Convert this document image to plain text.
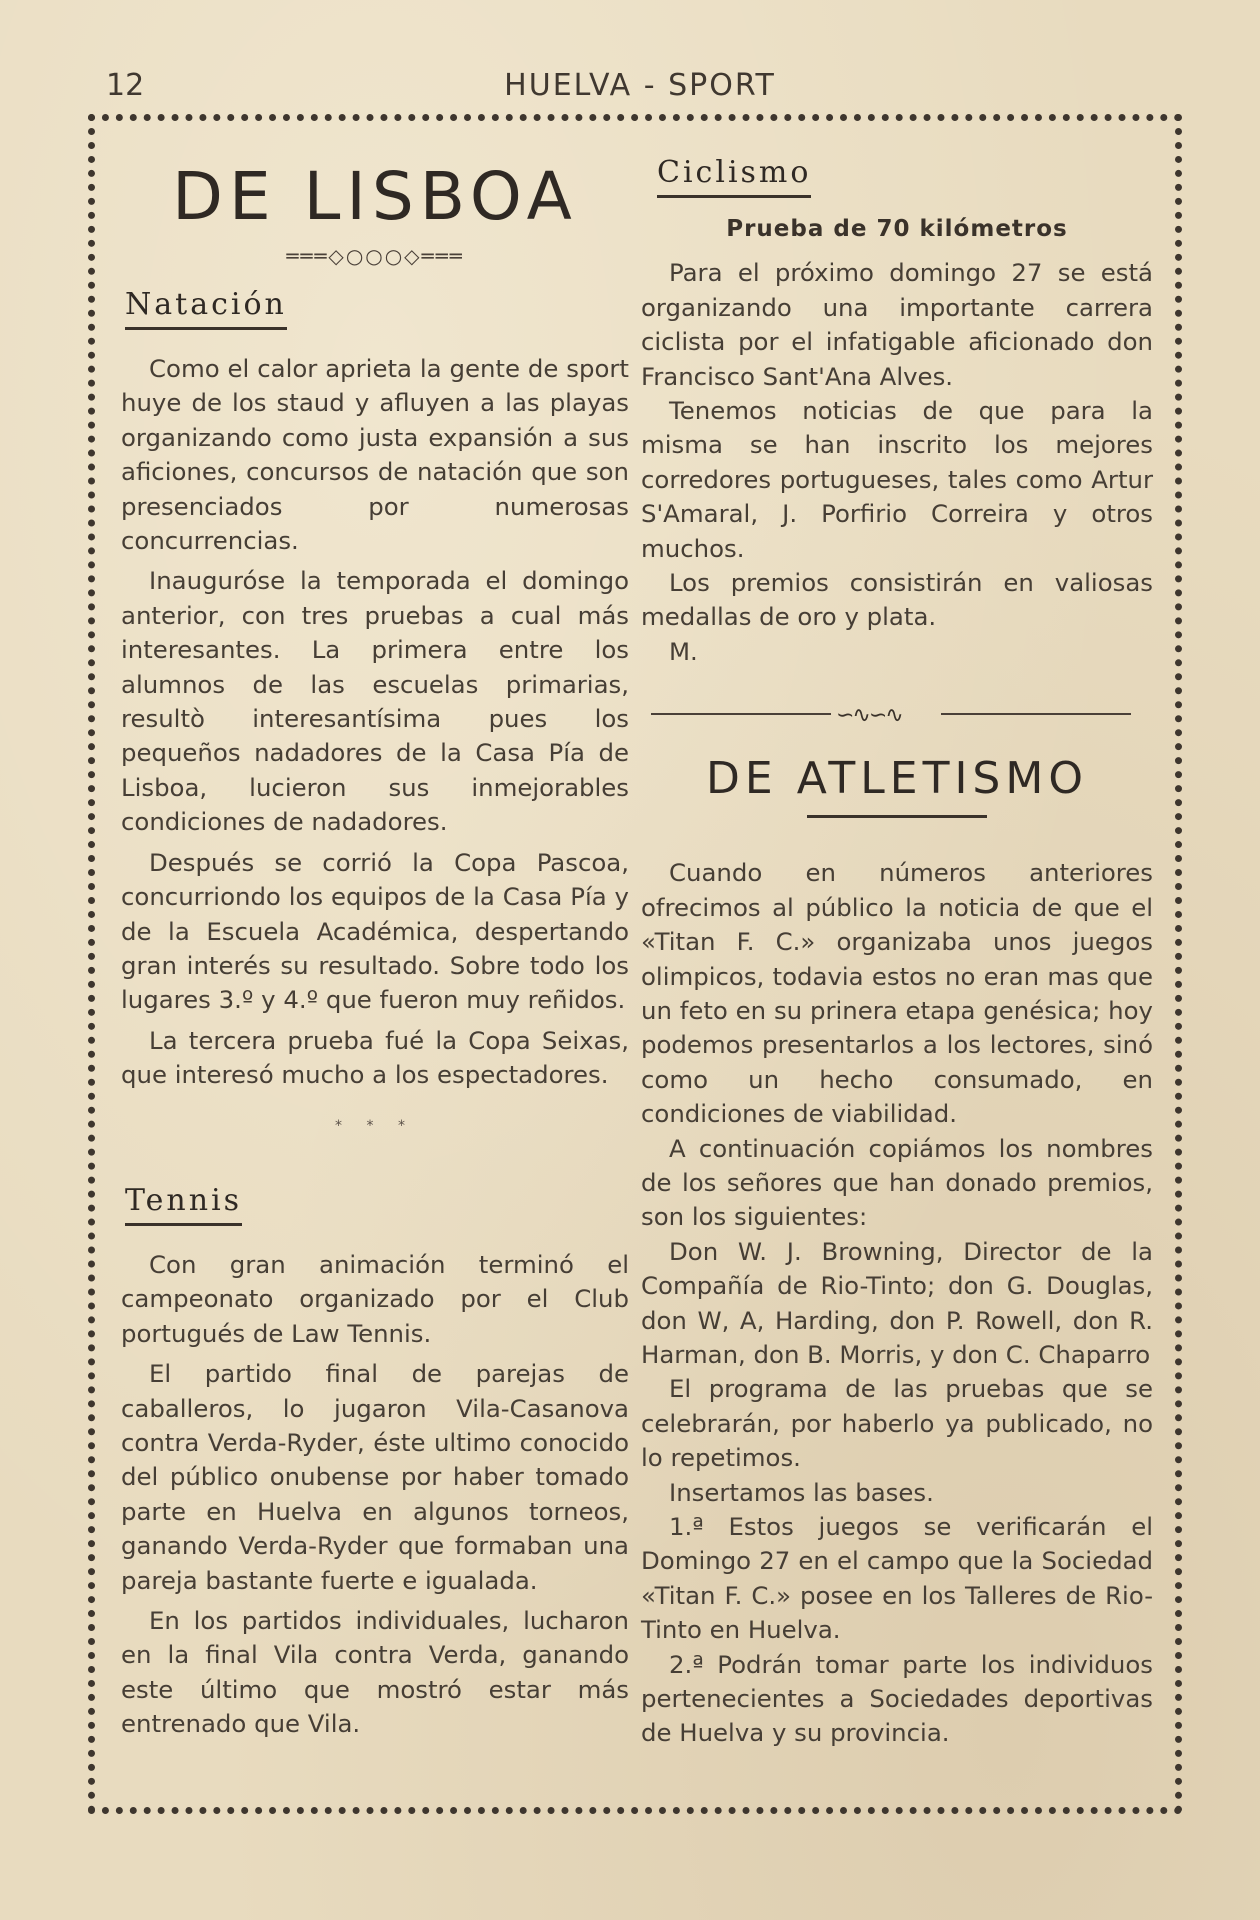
12	HUELVA - SPORT
DE LISBOA
═══◇○○○◇═══
Natación

Como el calor aprieta la gente de sport huye de los staud y afluyen a las playas organizando como justa expansión a sus aficiones, concursos de natación que son presenciados por numerosas concurrencias.

Inauguróse la temporada el domingo anterior, con tres pruebas a cual más interesantes. La primera entre los alumnos de las escuelas primarias, resultò interesantísima pues los pequeños nadadores de la Casa Pía de Lisboa, lucieron sus inmejorables condiciones de nadadores.

Después se corrió la Copa Pascoa, concurriondo los equipos de la Casa Pía y de la Escuela Académica, despertando gran interés su resultado. Sobre todo los lugares 3.º y 4.º que fueron muy reñidos.

La tercera prueba fué la Copa Seixas, que interesó mucho a los espectadores.

* * *
Tennis

Con gran animación terminó el campeonato organizado por el Club portugués de Law Tennis.

El partido final de parejas de caballeros, lo jugaron Vila-Casanova contra Verda-Ryder, éste ultimo conocido del público onubense por haber tomado parte en Huelva en algunos torneos, ganando Verda-Ryder que formaban una pareja bastante fuerte e igualada.

En los partidos individuales, lucharon en la final Vila contra Verda, ganando este último que mostró estar más entrenado que Vila.

Ciclismo
Prueba de 70 kilómetros

Para el próximo domingo 27 se está organizando una importante carrera ciclista por el infatigable aficionado don Francisco Sant'Ana Alves.

Tenemos noticias de que para la misma se han inscrito los mejores corredores portugueses, tales como Artur S'Amaral, J. Porfirio Correira y otros muchos.

Los premios consistirán en valiosas medallas de oro y plata.

M.

∽∿∽∿
DE ATLETISMO

Cuando en números anteriores ofrecimos al público la noticia de que el «Titan F. C.» organizaba unos juegos olimpicos, todavia estos no eran mas que un feto en su prinera etapa genésica; hoy podemos presentarlos a los lectores, sinó como un hecho consumado, en condiciones de viabilidad.

A continuación copiámos los nombres de los señores que han donado premios, son los siguientes:

Don W. J. Browning, Director de la Compañía de Rio-Tinto; don G. Douglas, don W, A, Harding, don P. Rowell, don R. Harman, don B. Morris, y don C. Chaparro

El programa de las pruebas que se celebrarán, por haberlo ya publicado, no lo repetimos.

Insertamos las bases.

1.ª Estos juegos se verificarán el Domingo 27 en el campo que la Sociedad «Titan F. C.» posee en los Talleres de Rio-Tinto en Huelva.

2.ª Podrán tomar parte los individuos pertenecientes a Sociedades deportivas de Huelva y su provincia.
